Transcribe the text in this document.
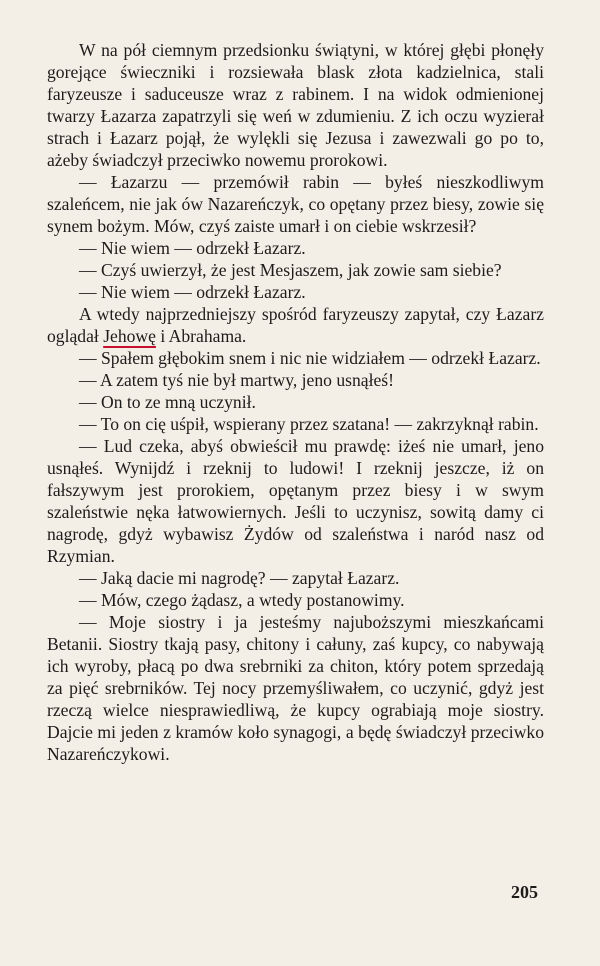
W na pół ciemnym przedsionku świątyni, w której głębi płonęły gorejące świeczniki i rozsiewała blask złota kadzielnica, stali faryzeusze i saduceusze wraz z rabinem. I na widok odmienionej twarzy Łazarza zapatrzyli się weń w zdumieniu. Z ich oczu wyzierał strach i Łazarz pojął, że wylękli się Jezusa i zawezwali go po to, ażeby świadczył przeciwko nowemu prorokowi.

— Łazarzu — przemówił rabin — byłeś nieszkodliwym szaleńcem, nie jak ów Nazareńczyk, co opętany przez biesy, zowie się synem bożym. Mów, czyś zaiste umarł i on ciebie wskrzesił?

— Nie wiem — odrzekł Łazarz.

— Czyś uwierzył, że jest Mesjaszem, jak zowie sam siebie?

— Nie wiem — odrzekł Łazarz.

A wtedy najprzedniejszy spośród faryzeuszy zapytał, czy Łazarz oglądał Jehowę i Abrahama.

— Spałem głębokim snem i nic nie widziałem — odrzekł Łazarz.

— A zatem tyś nie był martwy, jeno usnąłeś!

— On to ze mną uczynił.

— To on cię uśpił, wspierany przez szatana! — zakrzyknął rabin.

— Lud czeka, abyś obwieścił mu prawdę: iżeś nie umarł, jeno usnąłeś. Wynijdź i rzeknij to ludowi! I rzeknij jeszcze, iż on fałszywym jest prorokiem, opętanym przez biesy i w swym szaleństwie nęka łatwowiernych. Jeśli to uczynisz, sowitą damy ci nagrodę, gdyż wybawisz Żydów od szaleństwa i naród nasz od Rzymian.

— Jaką dacie mi nagrodę? — zapytał Łazarz.

— Mów, czego żądasz, a wtedy postanowimy.

— Moje siostry i ja jesteśmy najuboższymi mieszkańcami Betanii. Siostry tkają pasy, chitony i całuny, zaś kupcy, co nabywają ich wyroby, płacą po dwa srebrniki za chiton, który potem sprzedają za pięć srebrników. Tej nocy przemyśliwałem, co uczynić, gdyż jest rzeczą wielce niesprawiedliwą, że kupcy ograbiają moje siostry. Dajcie mi jeden z kramów koło synagogi, a będę świadczył przeciwko Nazareńczykowi.

205
